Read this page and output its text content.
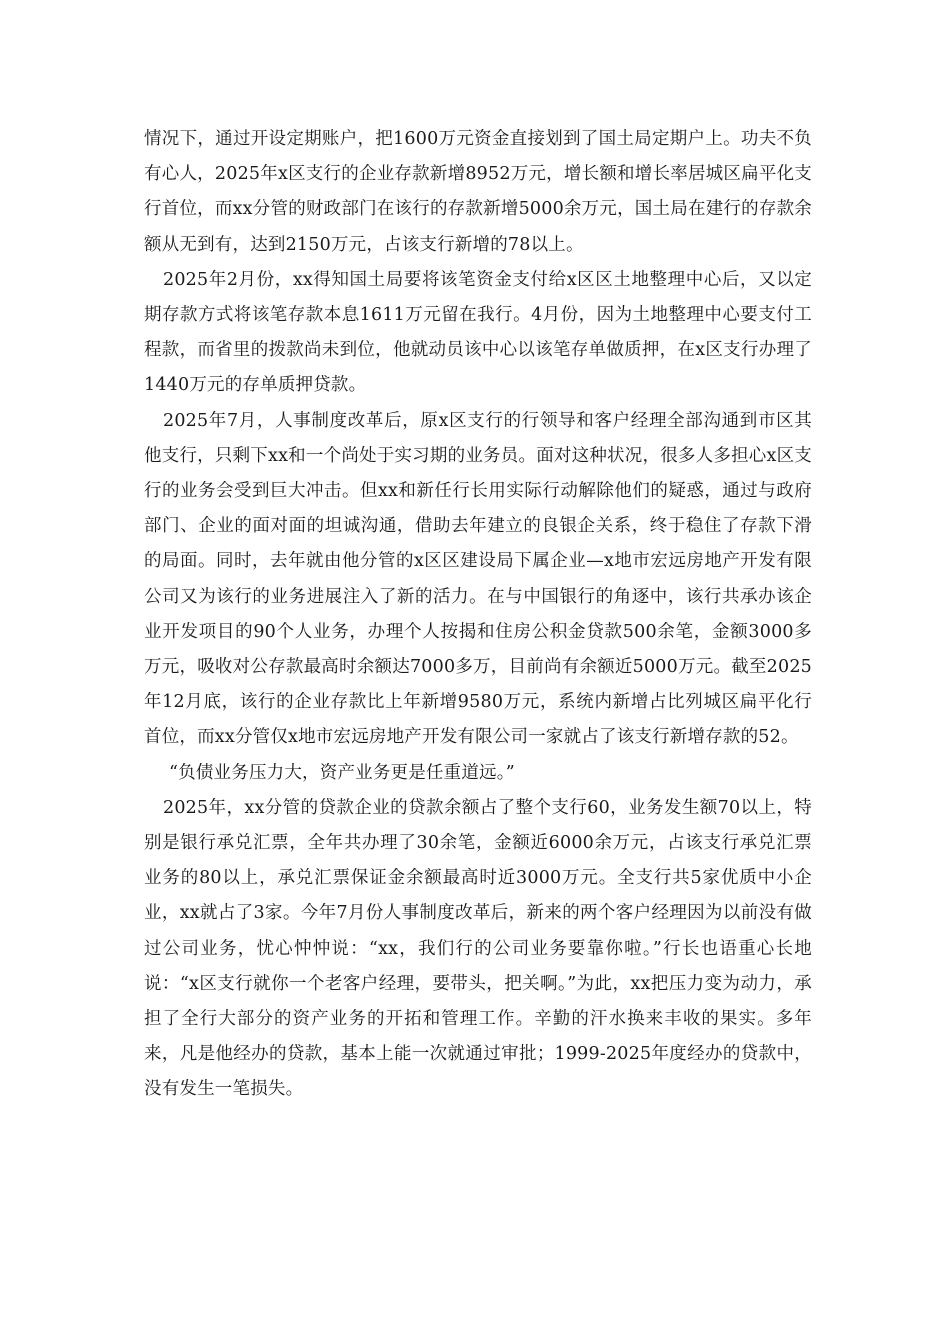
情况下，通过开设定期账户，把1600万元资金直接划到了国土局定期户上。功夫不负有心人，2025年x区支行的企业存款新增8952万元，增长额和增长率居城区扁平化支行首位，而xx分管的财政部门在该行的存款新增5000余万元，国土局在建行的存款余额从无到有，达到2150万元，占该支行新增的78以上。

2025年2月份，xx得知国土局要将该笔资金支付给x区区土地整理中心后，又以定期存款方式将该笔存款本息1611万元留在我行。4月份，因为土地整理中心要支付工程款，而省里的拨款尚未到位，他就动员该中心以该笔存单做质押，在x区支行办理了1440万元的存单质押贷款。

2025年7月，人事制度改革后，原x区支行的行领导和客户经理全部沟通到市区其他支行，只剩下xx和一个尚处于实习期的业务员。面对这种状况，很多人多担心x区支行的业务会受到巨大冲击。但xx和新任行长用实际行动解除他们的疑惑，通过与政府部门、企业的面对面的坦诚沟通，借助去年建立的良银企关系，终于稳住了存款下滑的局面。同时，去年就由他分管的x区区建设局下属企业—x地市宏远房地产开发有限公司又为该行的业务进展注入了新的活力。在与中国银行的角逐中，该行共承办该企业开发项目的90个人业务，办理个人按揭和住房公积金贷款500余笔，金额3000多万元，吸收对公存款最高时余额达7000多万，目前尚有余额近5000万元。截至2025年12月底，该行的企业存款比上年新增9580万元，系统内新增占比列城区扁平化行首位，而xx分管仅x地市宏远房地产开发有限公司一家就占了该支行新增存款的52。

“负债业务压力大，资产业务更是任重道远。”

2025年，xx分管的贷款企业的贷款余额占了整个支行60，业务发生额70以上，特别是银行承兑汇票，全年共办理了30余笔，金额近6000余万元，占该支行承兑汇票业务的80以上，承兑汇票保证金余额最高时近3000万元。全支行共5家优质中小企业，xx就占了3家。今年7月份人事制度改革后，新来的两个客户经理因为以前没有做过公司业务，忧心忡忡说：“xx，我们行的公司业务要靠你啦。”行长也语重心长地说：“x区支行就你一个老客户经理，要带头，把关啊。”为此，xx把压力变为动力，承担了全行大部分的资产业务的开拓和管理工作。辛勤的汗水换来丰收的果实。多年来，凡是他经办的贷款，基本上能一次就通过审批；1999-2025年度经办的贷款中，没有发生一笔损失。
